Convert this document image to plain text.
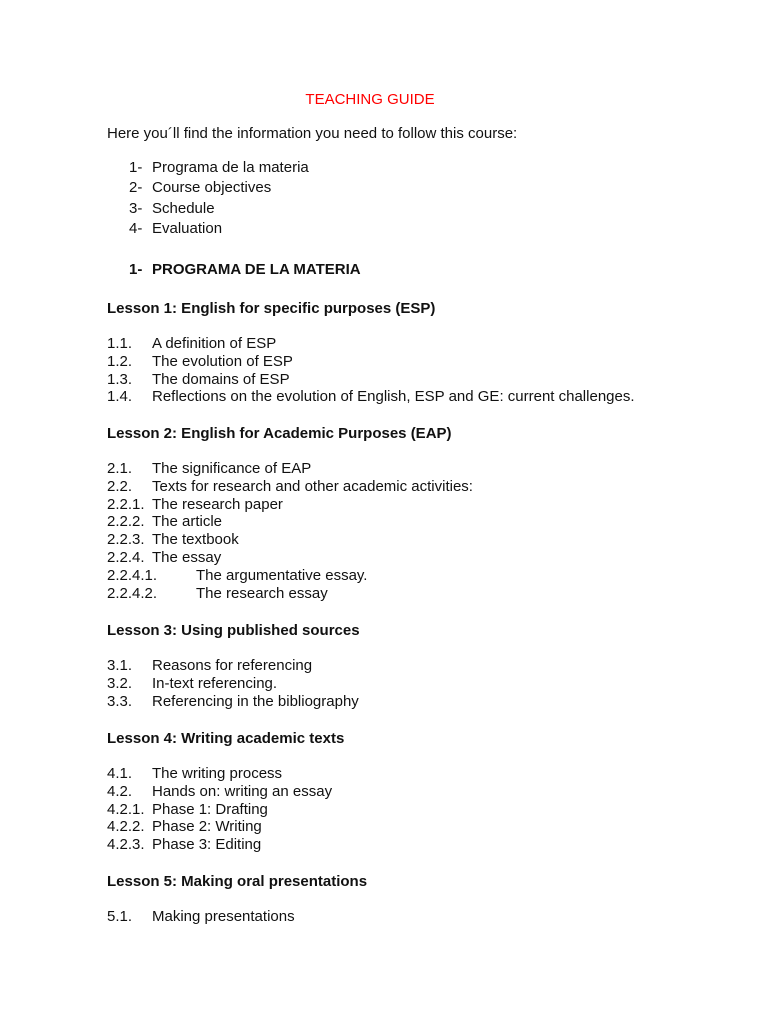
TEACHING GUIDE
Here you´ll find the information you need to follow this course:
1- Programa de la materia
2- Course objectives
3- Schedule
4- Evaluation
1- PROGRAMA DE LA MATERIA
Lesson 1: English for specific purposes (ESP)
1.1. A definition of ESP
1.2. The evolution of ESP
1.3. The domains of ESP
1.4. Reflections on the evolution of English, ESP and GE: current challenges.
Lesson 2: English for Academic Purposes (EAP)
2.1. The significance of EAP
2.2. Texts for research and other academic activities:
2.2.1. The research paper
2.2.2. The article
2.2.3. The textbook
2.2.4. The essay
2.2.4.1.	The argumentative essay.
2.2.4.2.	The research essay
Lesson 3: Using published sources
3.1. Reasons for referencing
3.2. In-text referencing.
3.3. Referencing in the bibliography
Lesson 4: Writing academic texts
4.1. The writing process
4.2. Hands on: writing an essay
4.2.1. Phase 1: Drafting
4.2.2. Phase 2: Writing
4.2.3. Phase 3: Editing
Lesson 5: Making oral presentations
5.1. Making presentations
